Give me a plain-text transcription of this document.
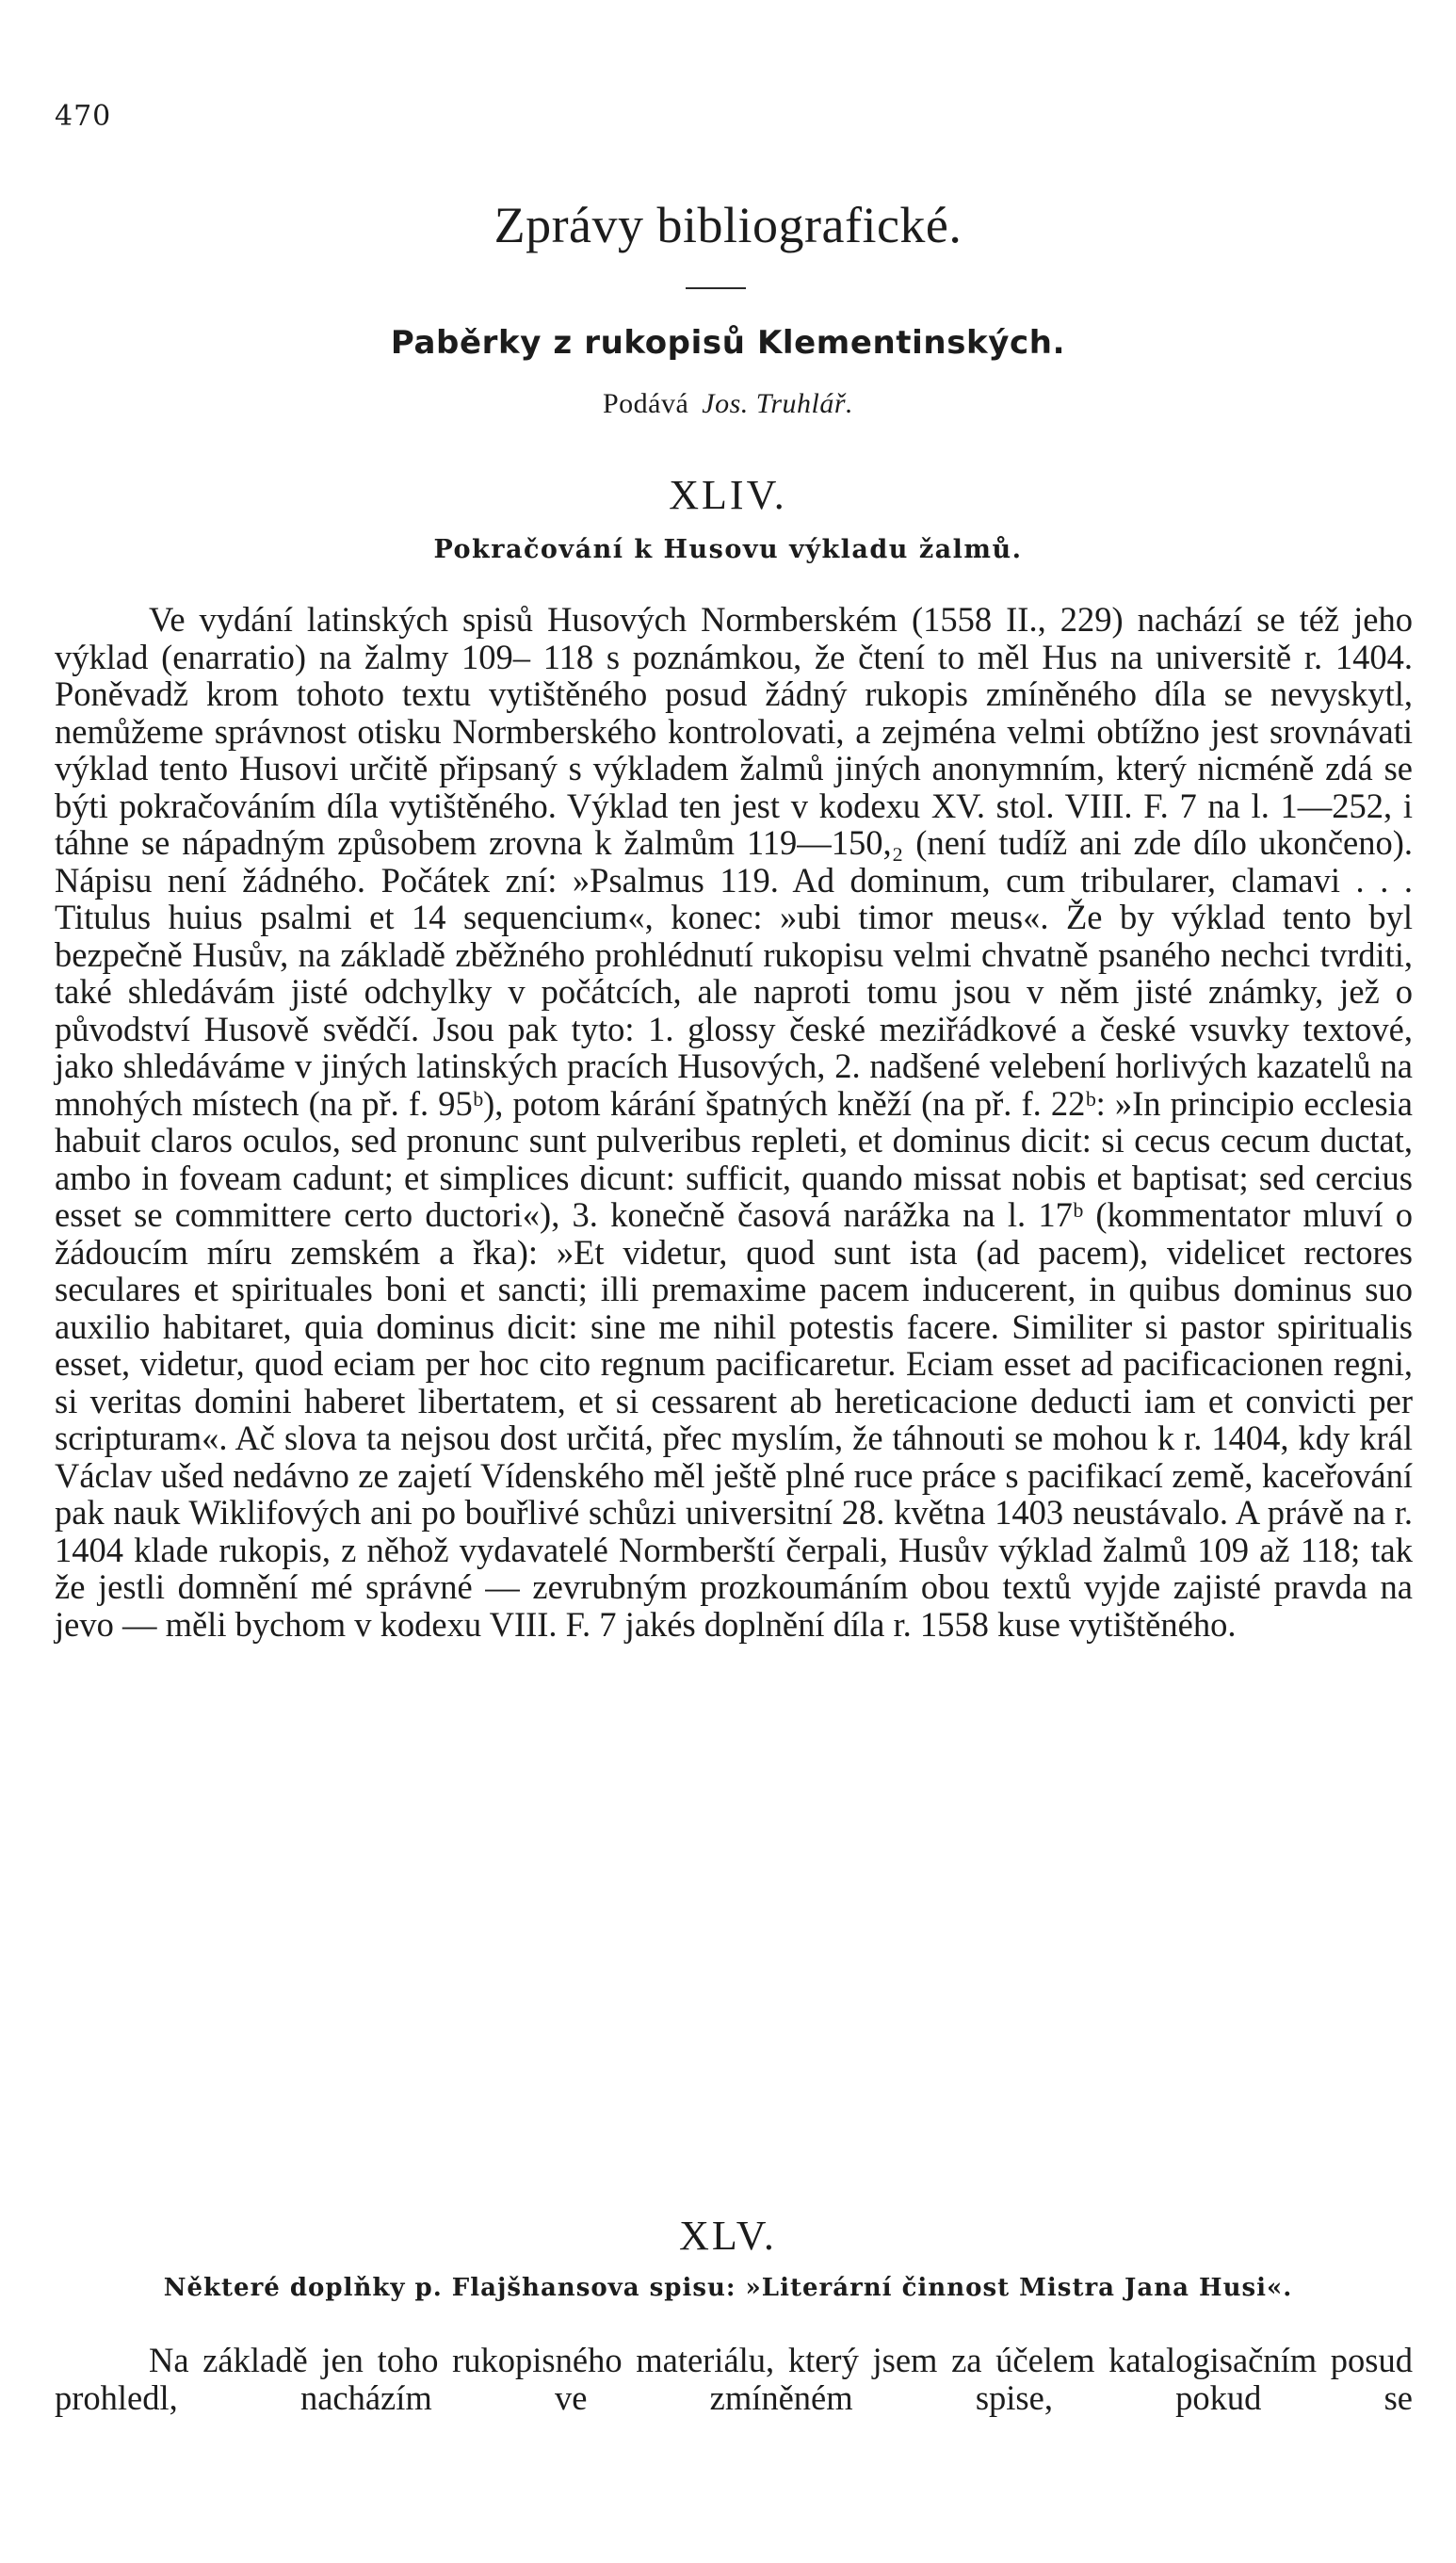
470
Zprávy bibliografické.
Paběrky z rukopisů Klementinských.
Podává Jos. Truhlář.
XLIV.
Pokračování k Husovu výkladu žalmů.

Ve vydání latinských spisů Husových Normberském (1558 II., 229) nachází se též jeho výklad (enarratio) na žalmy 109– 118 s poznámkou, že čtení to měl Hus na universitě r. 1404. Poněvadž krom tohoto textu vytištěného posud žádný rukopis zmíněného díla se nevyskytl, nemůžeme správnost otisku Normberského kontrolovati, a zejména velmi obtížno jest srovnávati výklad tento Husovi určitě připsaný s výkladem žalmů jiných anonymním, který nicméně zdá se býti pokračováním díla vytištěného. Výklad ten jest v kodexu XV. stol. VIII. F. 7 na l. 1—252, i táhne se nápadným způsobem zrovna k žalmům 119—150,₂ (není tudíž ani zde dílo ukončeno). Nápisu není žádného. Počátek zní: »Psalmus 119. Ad dominum, cum tribularer, clamavi . . . Titulus huius psalmi et 14 sequencium«, konec: »ubi timor meus«. Že by výklad tento byl bezpečně Husův, na základě zběžného prohlédnutí rukopisu velmi chvatně psaného nechci tvrditi, také shledávám jisté odchylky v počátcích, ale naproti tomu jsou v něm jisté známky, jež o původství Husově svědčí. Jsou pak tyto: 1. glossy české meziřádkové a české vsuvky textové, jako shledáváme v jiných latinských pracích Husových, 2. nadšené velebení horlivých kazatelů na mnohých místech (na př. f. 95ᵇ), potom kárání špatných kněží (na př. f. 22ᵇ: »In principio ecclesia habuit claros oculos, sed pronunc sunt pulveribus repleti, et dominus dicit: si cecus cecum ductat, ambo in foveam cadunt; et simplices dicunt: sufficit, quando missat nobis et baptisat; sed cercius esset se committere certo ductori«), 3. konečně časová narážka na l. 17ᵇ (kommentator mluví o žádoucím míru zemském a řka): »Et videtur, quod sunt ista (ad pacem), videlicet rectores seculares et spirituales boni et sancti; illi premaxime pacem inducerent, in quibus dominus suo auxilio habitaret, quia dominus dicit: sine me nihil potestis facere. Similiter si pastor spiritualis esset, videtur, quod eciam per hoc cito regnum pacificaretur. Eciam esset ad pacificacionen regni, si veritas domini haberet libertatem, et si cessarent ab hereticacione deducti iam et convicti per scripturam«. Ač slova ta nejsou dost určitá, přec myslím, že táhnouti se mohou k r. 1404, kdy král Václav ušed nedávno ze zajetí Vídenského měl ještě plné ruce práce s pacifikací země, kaceřování pak nauk Wiklifových ani po bouřlivé schůzi universitní 28. května 1403 neustávalo. A právě na r. 1404 klade rukopis, z něhož vydavatelé Normberští čerpali, Husův výklad žalmů 109 až 118; tak že jestli domnění mé správné — zevrubným prozkoumáním obou textů vyjde zajisté pravda na jevo — měli bychom v kodexu VIII. F. 7 jakés doplnění díla r. 1558 kuse vytištěného.

XLV.
Některé doplňky p. Flajšhansova spisu: »Literární činnost Mistra Jana Husi«.

Na základě jen toho rukopisného materiálu, který jsem za účelem katalogisačním posud prohledl, nacházím ve zmíněném spise, pokud se
